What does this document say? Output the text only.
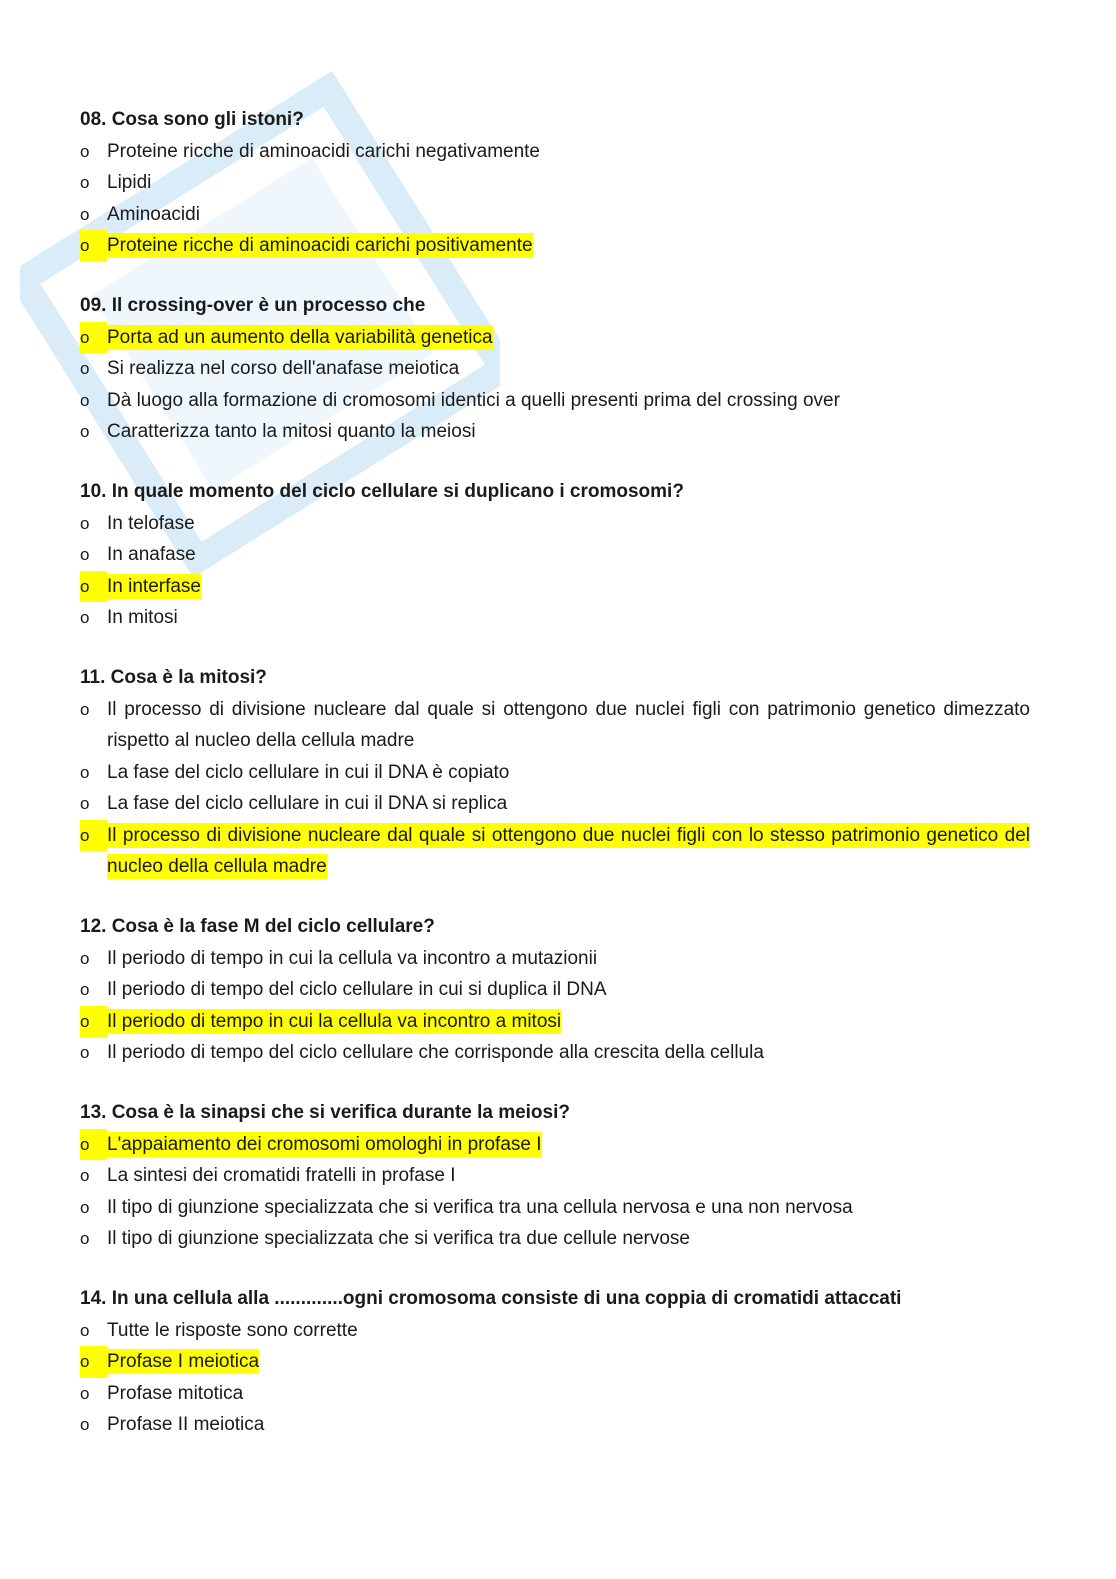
08. Cosa sono gli istoni?

o Proteine ricche di aminoacidi carichi negativamente
o Lipidi
o Aminoacidi
o Proteine ricche di aminoacidi carichi positivamente

09. Il crossing-over è un processo che

o Porta ad un aumento della variabilità genetica
o Si realizza nel corso dell'anafase meiotica
o Dà luogo alla formazione di cromosomi identici a quelli presenti prima del crossing over
o Caratterizza tanto la mitosi quanto la meiosi

10. In quale momento del ciclo cellulare si duplicano i cromosomi?

o In telofase
o In anafase
o In interfase
o In mitosi

11. Cosa è la mitosi?

o Il processo di divisione nucleare dal quale si ottengono due nuclei figli con patrimonio genetico dimezzato rispetto al nucleo della cellula madre
o La fase del ciclo cellulare in cui il DNA è copiato
o La fase del ciclo cellulare in cui il DNA si replica
o Il processo di divisione nucleare dal quale si ottengono due nuclei figli con lo stesso patrimonio genetico del nucleo della cellula madre

12. Cosa è la fase M del ciclo cellulare?

o Il periodo di tempo in cui la cellula va incontro a mutazionii
o Il periodo di tempo del ciclo cellulare in cui si duplica il DNA
o Il periodo di tempo in cui la cellula va incontro a mitosi
o Il periodo di tempo del ciclo cellulare che corrisponde alla crescita della cellula

13. Cosa è la sinapsi che si verifica durante la meiosi?

o L'appaiamento dei cromosomi omologhi in profase I
o La sintesi dei cromatidi fratelli in profase I
o Il tipo di giunzione specializzata che si verifica tra una cellula nervosa e una non nervosa
o Il tipo di giunzione specializzata che si verifica tra due cellule nervose

14. In una cellula alla .............ogni cromosoma consiste di una coppia di cromatidi attaccati

o Tutte le risposte sono corrette
o Profase I meiotica
o Profase mitotica
o Profase II meiotica
